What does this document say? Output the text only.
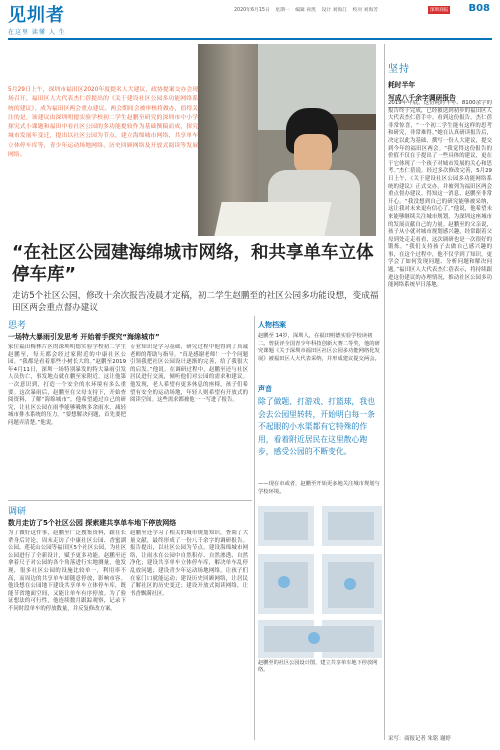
见圳者
在这里 读懂 人 生
2020年6月15日 星期一 编辑 孙凯 设计 刘海江 校对 刘海芳	深圳商报 B08
5月29日上午，深圳市福田区2020年度提名人大建议，政协提案交办会现场召开，福田区人大代表杰仁蓓提出的《关于建设社区公园多功能网络系统的建议》，成为福田区两会重点建议。两会期间会被审核将做办，值得关注的是，该建议由深圳明德实验学校初二学生赵鹏至研究的深圳市中小学探究式小课题和福田中看社区公园的多功能提较作为基础撰稿而成，探究城市发展年变迁，提出以社区公园为节点，建立海绵城市网络、共享单车立体停车库等，青少年运动场地网络、历史回顾网络及开放式阅读等发展网络。
坚持
耗时半年
写成八千余字调研报告
2019年年底，这份耗时半年、8100余字的报告终于完成，已经被送到初步的福田区人大代表杰仁蓓手中。看到这份报告，杰仁蓓非常惊喜，“一个初二学生能有这样的思考和研究，非常难得。”她在认真研读报告后，决定以此为基础，撰写一份人大建议，提交到今年的福田区两会。“我觉得这份报告的价值不仅在于提出了一些具体的建议，更在于它体现了一个孩子对城市发展的关心和思考。”杰仁蓓说。经过多次修改完善，5月29日上午，《关于建设社区公园多功能网络系统的建议》正式交办，并被列为福田区两会重点督办建议。得知这一消息，赵鹏至非常开心。“我没想到自己的研究能够被采纳，这让我对未来更有信心了。”他说，他希望未来能够继续关注城市规划，为深圳这座城市的发展贡献自己的力量。赵鹏至的父亲说，孩子从小就对城市规划感兴趣，经常跟着父母到处走走看看，这次调研也是一次很好的锻炼。“我们支持孩子去做自己感兴趣的事，在这个过程中，他不仅学到了知识，更学会了如何发现问题、分析问题和解决问题。”福田区人大代表杰仁蓓表示，将持续跟进这份建议的办理情况，推动社区公园多功能网络系统早日落地。
“在社区公园建海绵城市网络，和共享单车立体停车库”
走访5个社区公园，修改十余次报告凌晨才定稿，初二学生赵鹏至的社区公园多功能设想，变成福田区两会重点督办建议
思考
一场特大暴雨引发思考 开始着手探究“海绵城市”
家住福田梅林片区的深圳明德实验学校初二学生赵鹏至，每天都会经过家附近的中康社区公园。“我都是看着那些小树长大的。”赵鹏至2019年4月11日，深圳一场特别暴发的特大暴雨引发人员伤亡，事发地点就在鹏至家附近，这让他第一次意识到，打造一个安全的水环境有多么重要。这次暴雨后，赵鹏至在父母支持下，开始查阅资料，了解“海绵城市”，他希望通过自己的研究，让社区公园在雨季能够吸纳多余雨水，减轻城市排水系统的压力。“要想解决问题，首先要把问题弄清楚。”他说。
专业知识是学习基础，研究过程中他得到了真诚老师的帮助与指导。“真是感谢老师！一个个问题引领我把社区公园设计逐渐的完善，给了我很大的启发。”他说。在调研过程中，赵鹏至还与社区居民进行交流，倾听他们对公园的需求和建议。他发现，老人希望有更多休息的座椅，孩子们希望有安全的运动场地，年轻人则希望有开放式的阅读空间。这些需求都被他一一写进了报告。
调研
数月走访了5个社区公园 探索建共享单车地下停放网络
为了做好这件事，赵鹏至广泛搜集资料，跟在长辈身后讨论，周末走访了中康社区公园、香蜜湖公园、莲花山公园等福田区5个社区公园，为社区公园进行了全新设计，赋予更多功能。赵鹏至还拿着尺子对公园的各个角落进行实地测量，他发现，很多社区公园的设施比较单一，利用率不高，而周边的共享单车却随意停放，影响市容。他设想在公园地下建设共享单车立体停车库，既能节省地面空间，又能让单车有序停放。为了验证想法的可行性，他连续数月跟踪观察，记录下不同时段单车的停放数量，并反复修改方案。
赵鹏至还学习了相关的城市规划知识，查阅了大量文献，最终形成了一份八千余字的调研报告。报告提出，以社区公园为节点，建设海绵城市网络，让雨水在公园中自然积存、自然渗透、自然净化；建设共享单车立体停车库，解决单车乱停乱放问题；建设青少年运动场地网络，让孩子们在家门口就能运动；建设历史回顾网络，让居民了解社区的历史变迁；建设开放式阅读网络，让书香飘满社区。
人物档案
赵鹏至 14岁，深圳人，在福田明德实验学校读初二。曾获评全国青少年科技创新大赛二等奖，他的研究课题《关于深圳市福田区社区公园多功能网络化发展》被福田区人大代表采纳，并形成建议提交两会。
声音
除了做题、打游戏、打篮球，我也会去公园里转转，开始明白每一条不起眼的小水渠都有它特殊的作用，看着附近居民在这里散心跑步，感受公园的不断变化。
——现在市或者，赵鹏至开始更多地关注城市规划与学校环境。
赵鹏至的社区公园设计图，建立共享单车地下停放网络。
采写：商报记者 朱铭 谢婷
